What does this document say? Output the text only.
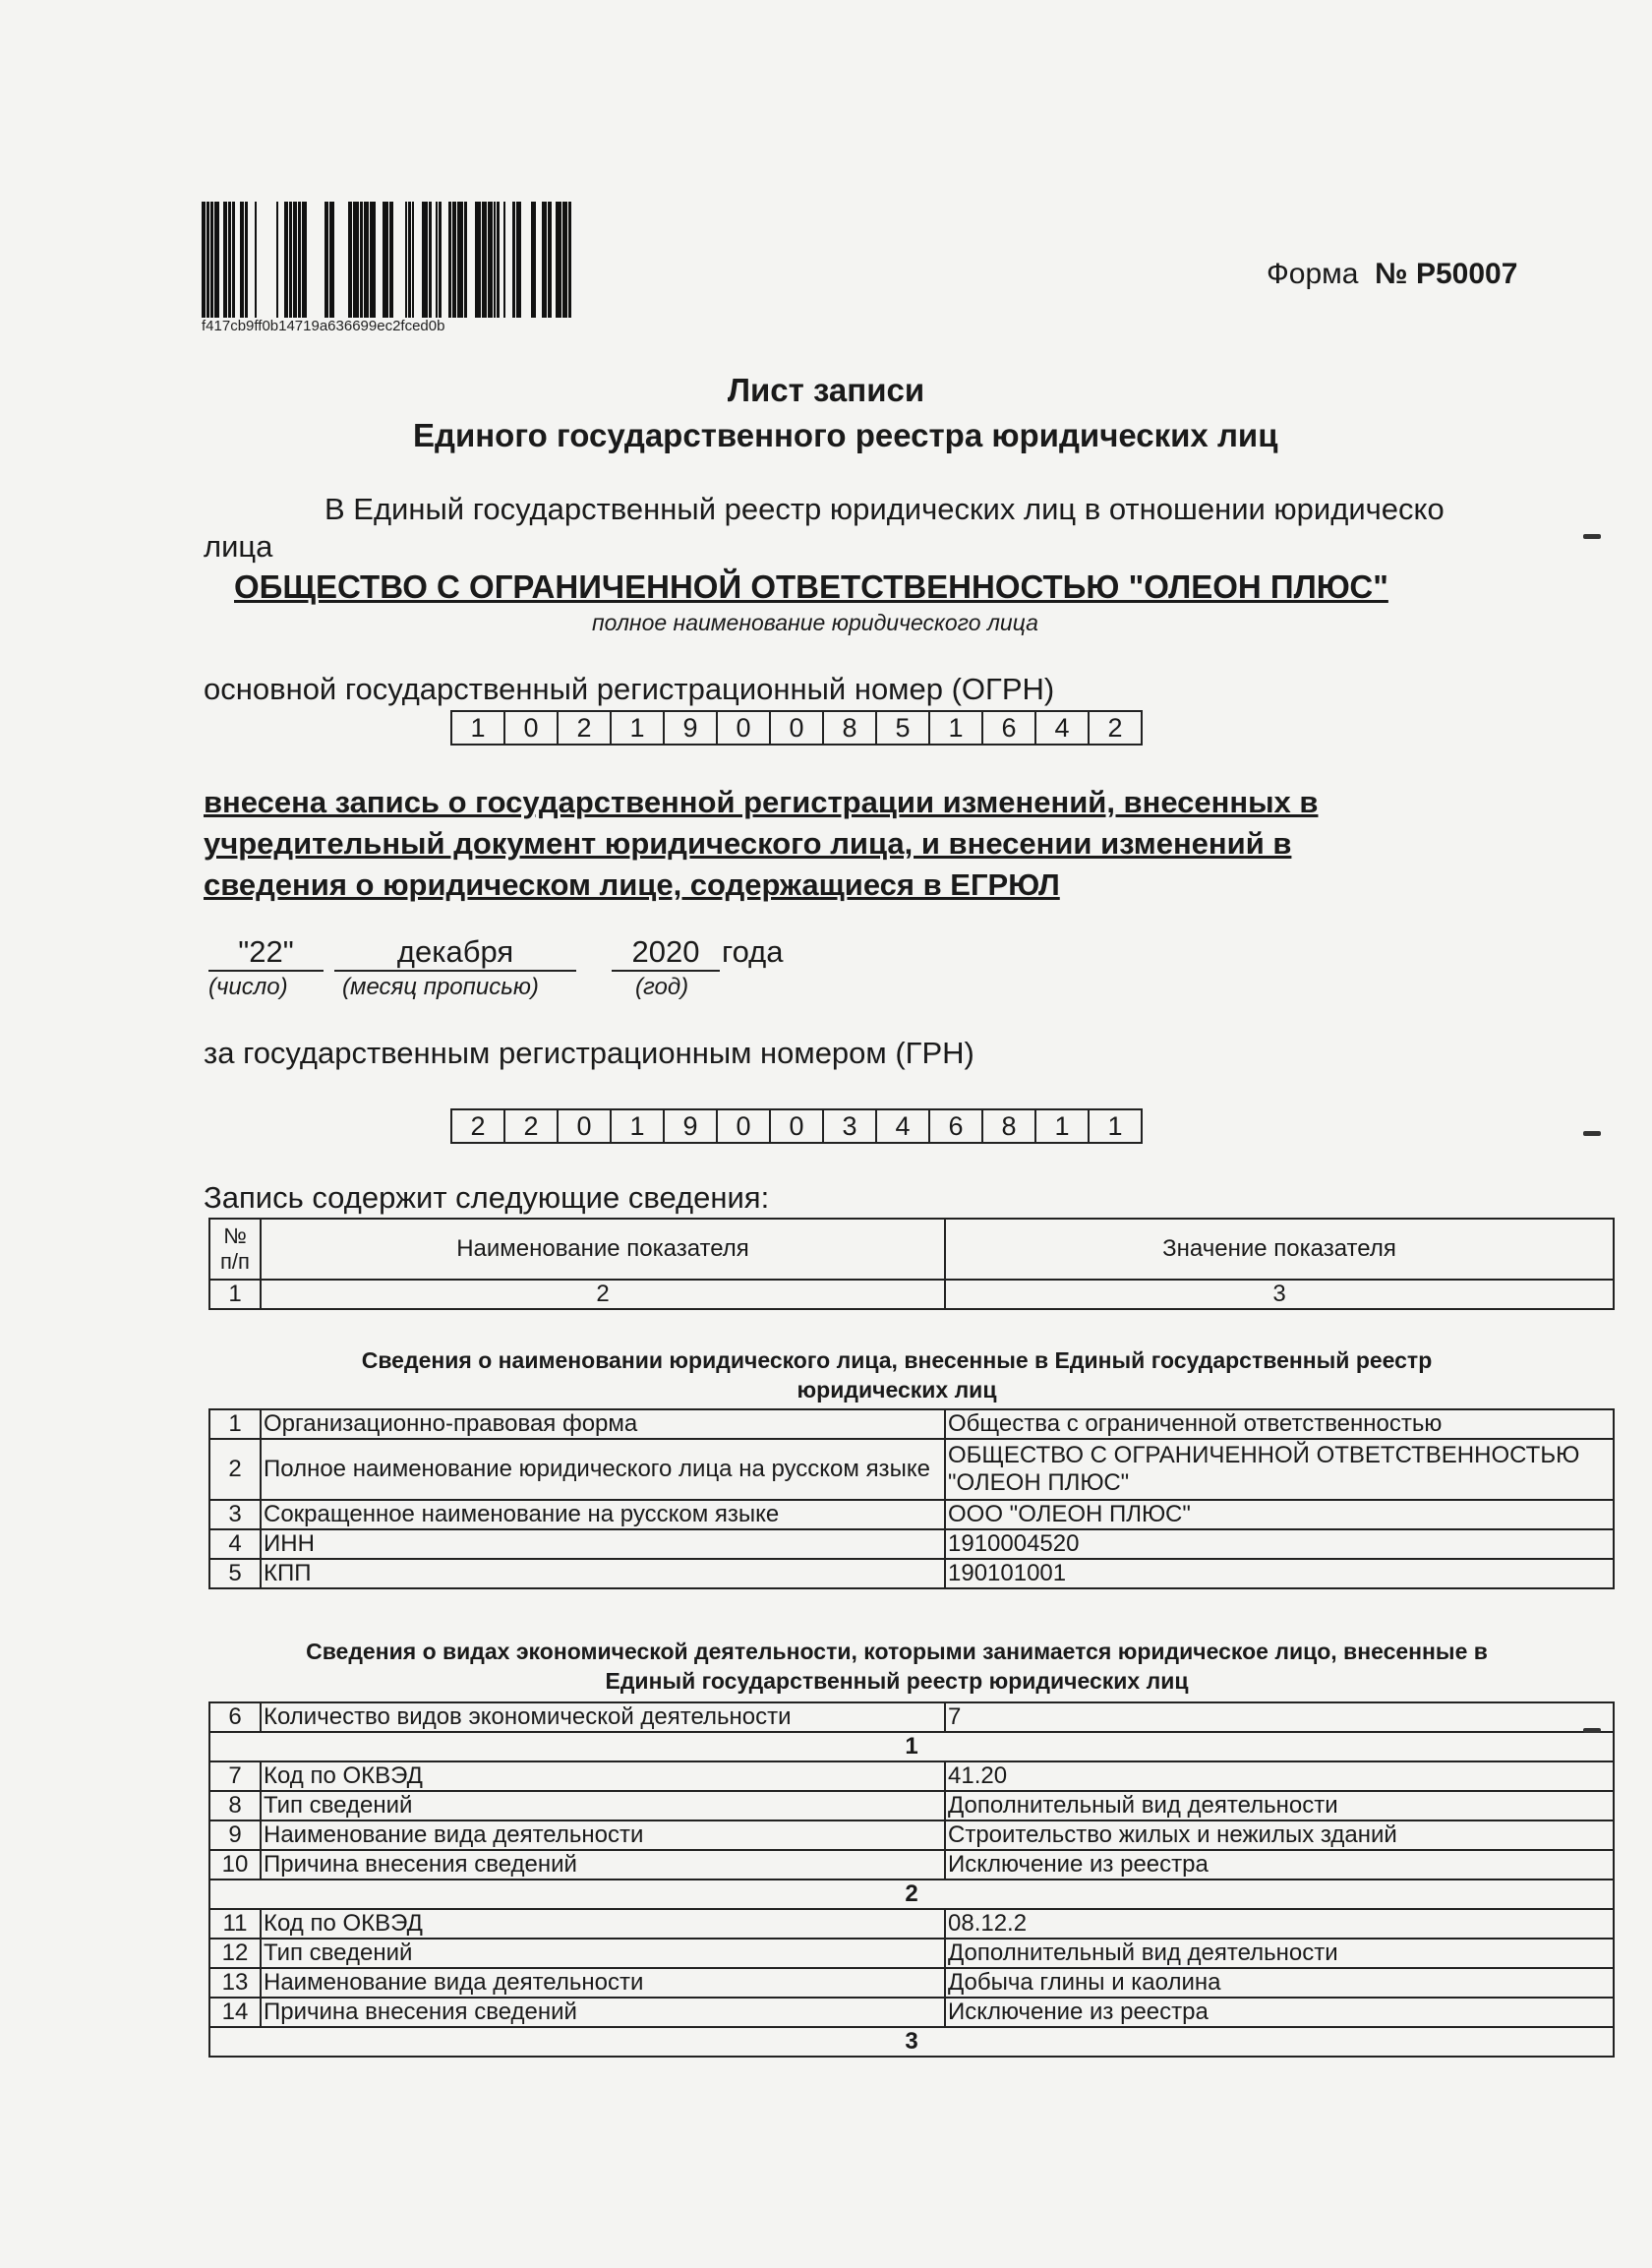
f417cb9ff0b14719a636699ec2fced0b
Форма № Р50007
Лист записи
Единого государственного реестра юридических лиц
В Единый государственный реестр юридических лиц в отношении юридическо
лица
ОБЩЕСТВО С ОГРАНИЧЕННОЙ ОТВЕТСТВЕННОСТЬЮ "ОЛЕОН ПЛЮС"
полное наименование юридического лица
основной государственный регистрационный номер (ОГРН)
1	0	2	1	9	0	0	8	5	1	6	4	2
внесена запись о государственной регистрации изменений, внесенных в
учредительный документ юридического лица, и внесении изменений в
сведения о юридическом лице, содержащиеся в ЕГРЮЛ
"22"	декабря	2020 года
(число) (месяц прописью)	(год)
за государственным регистрационным номером (ГРН)
2	2	0	1	9	0	0	3	4	6	8	1	1
Запись содержит следующие сведения:
№ п/п	Наименование показателя	Значение показателя
1	2	3
Сведения о наименовании юридического лица, внесенные в Единый государственный реестр
юридических лиц
1	Организационно-правовая форма	Общества с ограниченной ответственностью
2	Полное наименование юридического лица на русском языке	ОБЩЕСТВО С ОГРАНИЧЕННОЙ ОТВЕТСТВЕННОСТЬЮ "ОЛЕОН ПЛЮС"
3	Сокращенное наименование на русском языке	ООО "ОЛЕОН ПЛЮС"
4	ИНН	1910004520
5	КПП	190101001
Сведения о видах экономической деятельности, которыми занимается юридическое лицо, внесенные в
Единый государственный реестр юридических лиц
6	Количество видов экономической деятельности	7
1		
7	Код по ОКВЭД	41.20
8	Тип сведений	Дополнительный вид деятельности
9	Наименование вида деятельности	Строительство жилых и нежилых зданий
10	Причина внесения сведений	Исключение из реестра
2		
11	Код по ОКВЭД	08.12.2
12	Тип сведений	Дополнительный вид деятельности
13	Наименование вида деятельности	Добыча глины и каолина
14	Причина внесения сведений	Исключение из реестра
3		
